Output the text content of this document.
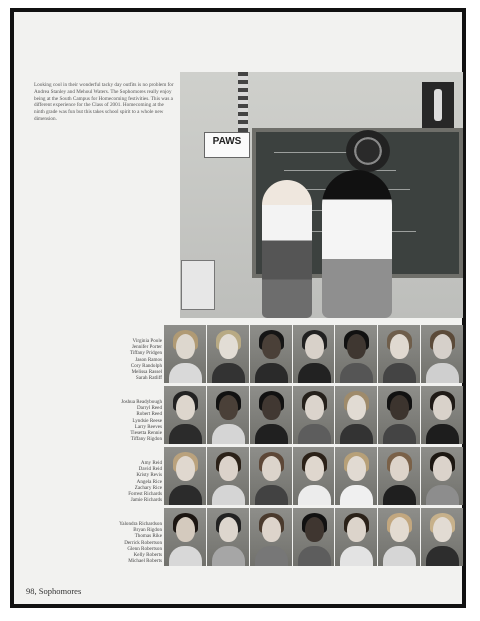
Looking cool in their wonderful tacky day outfits is no problem for Andrea Stanley and Mehoul Waters. The Sophomores really enjoy being at the South Campus for Homecoming festivities. This was a different experience for the Class of 2001. Homecoming at the ninth grade was fun but this takes school spirit to a whole new dimension.
PAWS
Virginia Poole
Jennifer Porter
Tiffany Pridgen
Jason Ramos
Cory Randolph
Melissa Rassel
Sarah Ratliff
Joshua Readybough
Darryl Reed
Robert Reed
Lyndsie Reese
Larry Reeves
Tiesetta Rennie
Tiffany Rigdon
Amy Reid
David Reid
Kristy Revis
Angela Rice
Zachary Rice
Forrest Richards
Jamie Richards
Yalondra Richardson
Bryan Rigdon
Thomas Rike
Derrick Robertson
Glenn Robertson
Kelly Roberts
Michael Roberts
98, Sophomores
